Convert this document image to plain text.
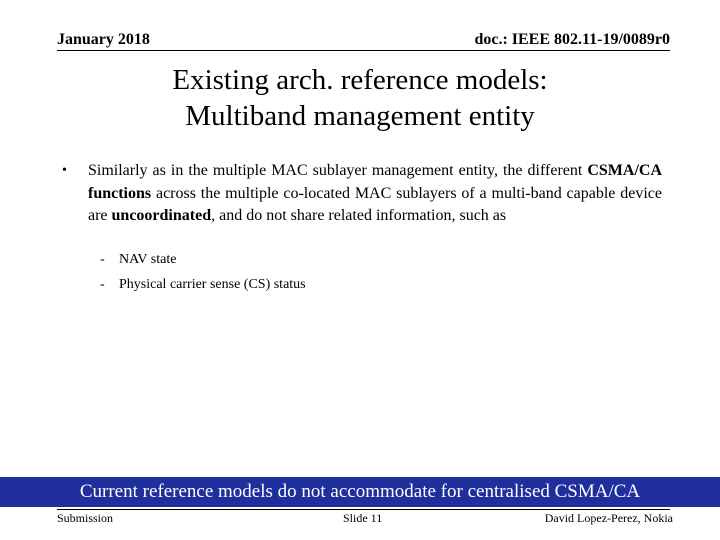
January 2018	doc.: IEEE 802.11-19/0089r0
Existing arch. reference models:
Multiband management entity
• Similarly as in the multiple MAC sublayer management entity, the different CSMA/CA functions across the multiple co-located MAC sublayers of a multi-band capable device are uncoordinated, and do not share related information, such as
- NAV state
- Physical carrier sense (CS) status
Current reference models do not accommodate for centralised CSMA/CA
Submission	Slide 11	David Lopez-Perez, Nokia
